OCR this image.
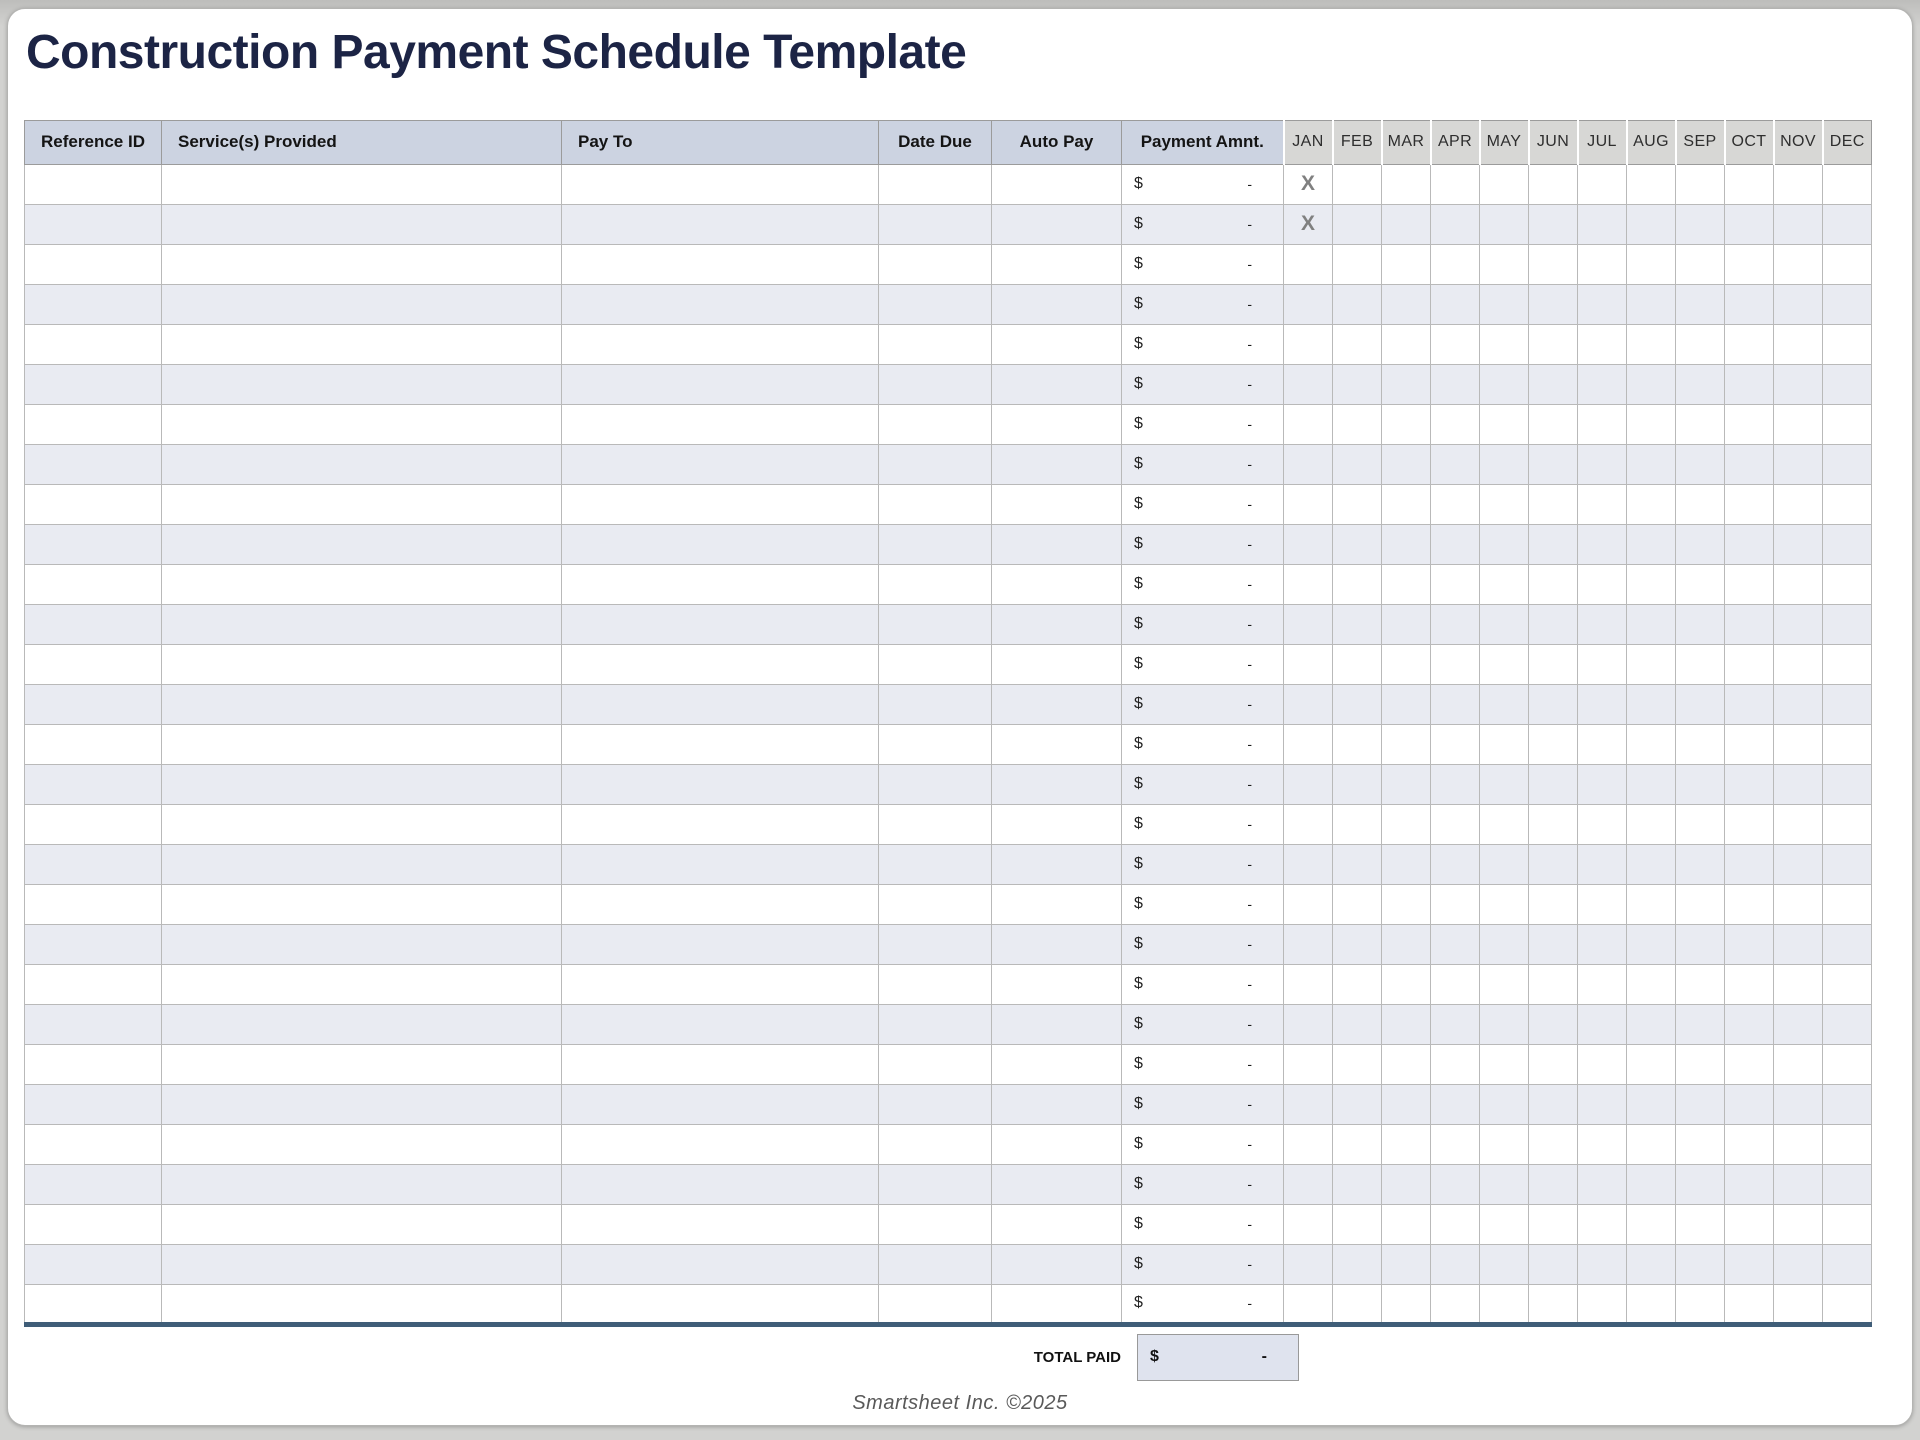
Construction Payment Schedule Template
Reference ID	Service(s) Provided	Pay To	Date Due	Auto Pay	Payment Amnt.	JAN	FEB	MAR	APR	MAY	JUN	JUL	AUG	SEP	OCT	NOV	DEC

					$ -	X											

					$ -	X											

					$ -												

					$ -												

					$ -												

					$ -												

					$ -												

					$ -												

					$ -												

					$ -												

					$ -												

					$ -												

					$ -												

					$ -												

					$ -												

					$ -												

					$ -												

					$ -												

					$ -												

					$ -												

					$ -												

					$ -												

					$ -												

					$ -												

					$ -												

					$ -												

					$ -												

					$ -												

					$ -												

TOTAL PAID	$	-
Smartsheet Inc. ©2025
